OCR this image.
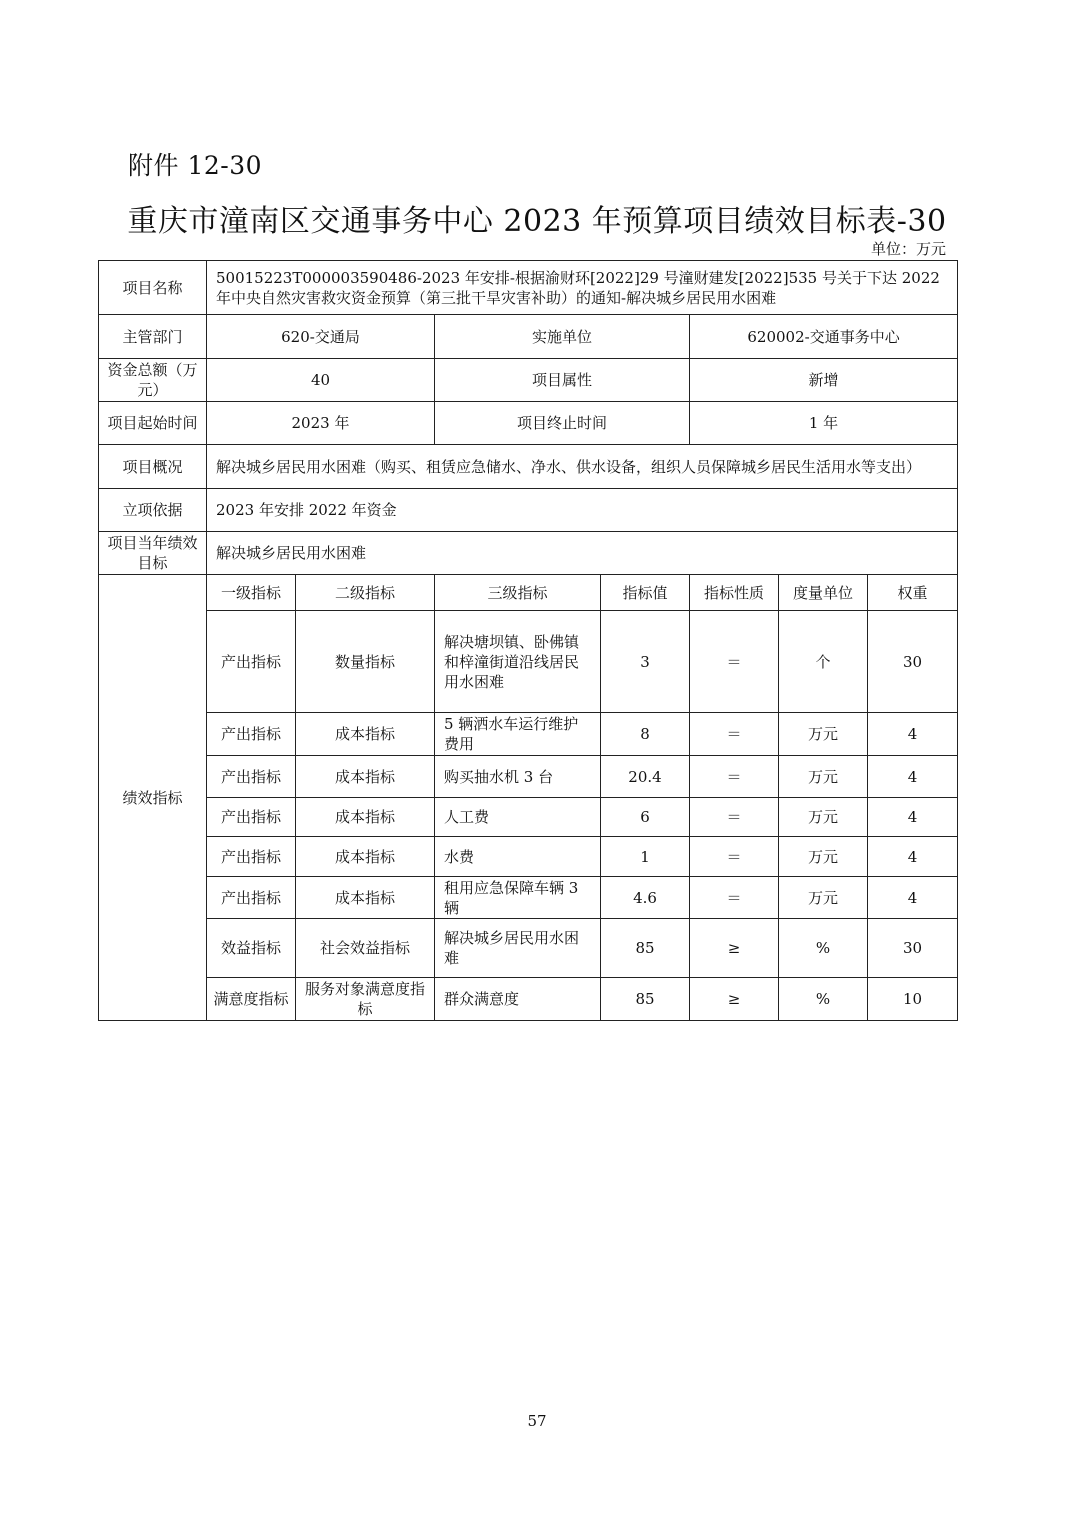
附件 12-30
重庆市潼南区交通事务中心 2023 年预算项目绩效目标表-30
单位：万元
项目名称	50015223T000003590486-2023 年安排-根据渝财环[2022]29 号潼财建发[2022]535 号关于下达 2022 年中央自然灾害救灾资金预算（第三批干旱灾害补助）的通知-解决城乡居民用水困难						
主管部门	620-交通局		实施单位		620002-交通事务中心		
资金总额（万元）	40		项目属性		新增		
项目起始时间	2023 年		项目终止时间		1 年		
项目概况	解决城乡居民用水困难（购买、租赁应急储水、净水、供水设备，组织人员保障城乡居民生活用水等支出）						
立项依据	2023 年安排 2022 年资金						
项目当年绩效目标	解决城乡居民用水困难						
绩效指标	一级指标	二级指标	三级指标	指标值	指标性质	度量单位	权重
	产出指标	数量指标	解决塘坝镇、卧佛镇和梓潼街道沿线居民用水困难	3	＝	个	30
	产出指标	成本指标	5 辆洒水车运行维护费用	8	＝	万元	4
	产出指标	成本指标	购买抽水机 3 台	20.4	＝	万元	4
	产出指标	成本指标	人工费	6	＝	万元	4
	产出指标	成本指标	水费	1	＝	万元	4
	产出指标	成本指标	租用应急保障车辆 3 辆	4.6	＝	万元	4
	效益指标	社会效益指标	解决城乡居民用水困难	85	≥	%	30
	满意度指标	服务对象满意度指标	群众满意度	85	≥	%	10
57
